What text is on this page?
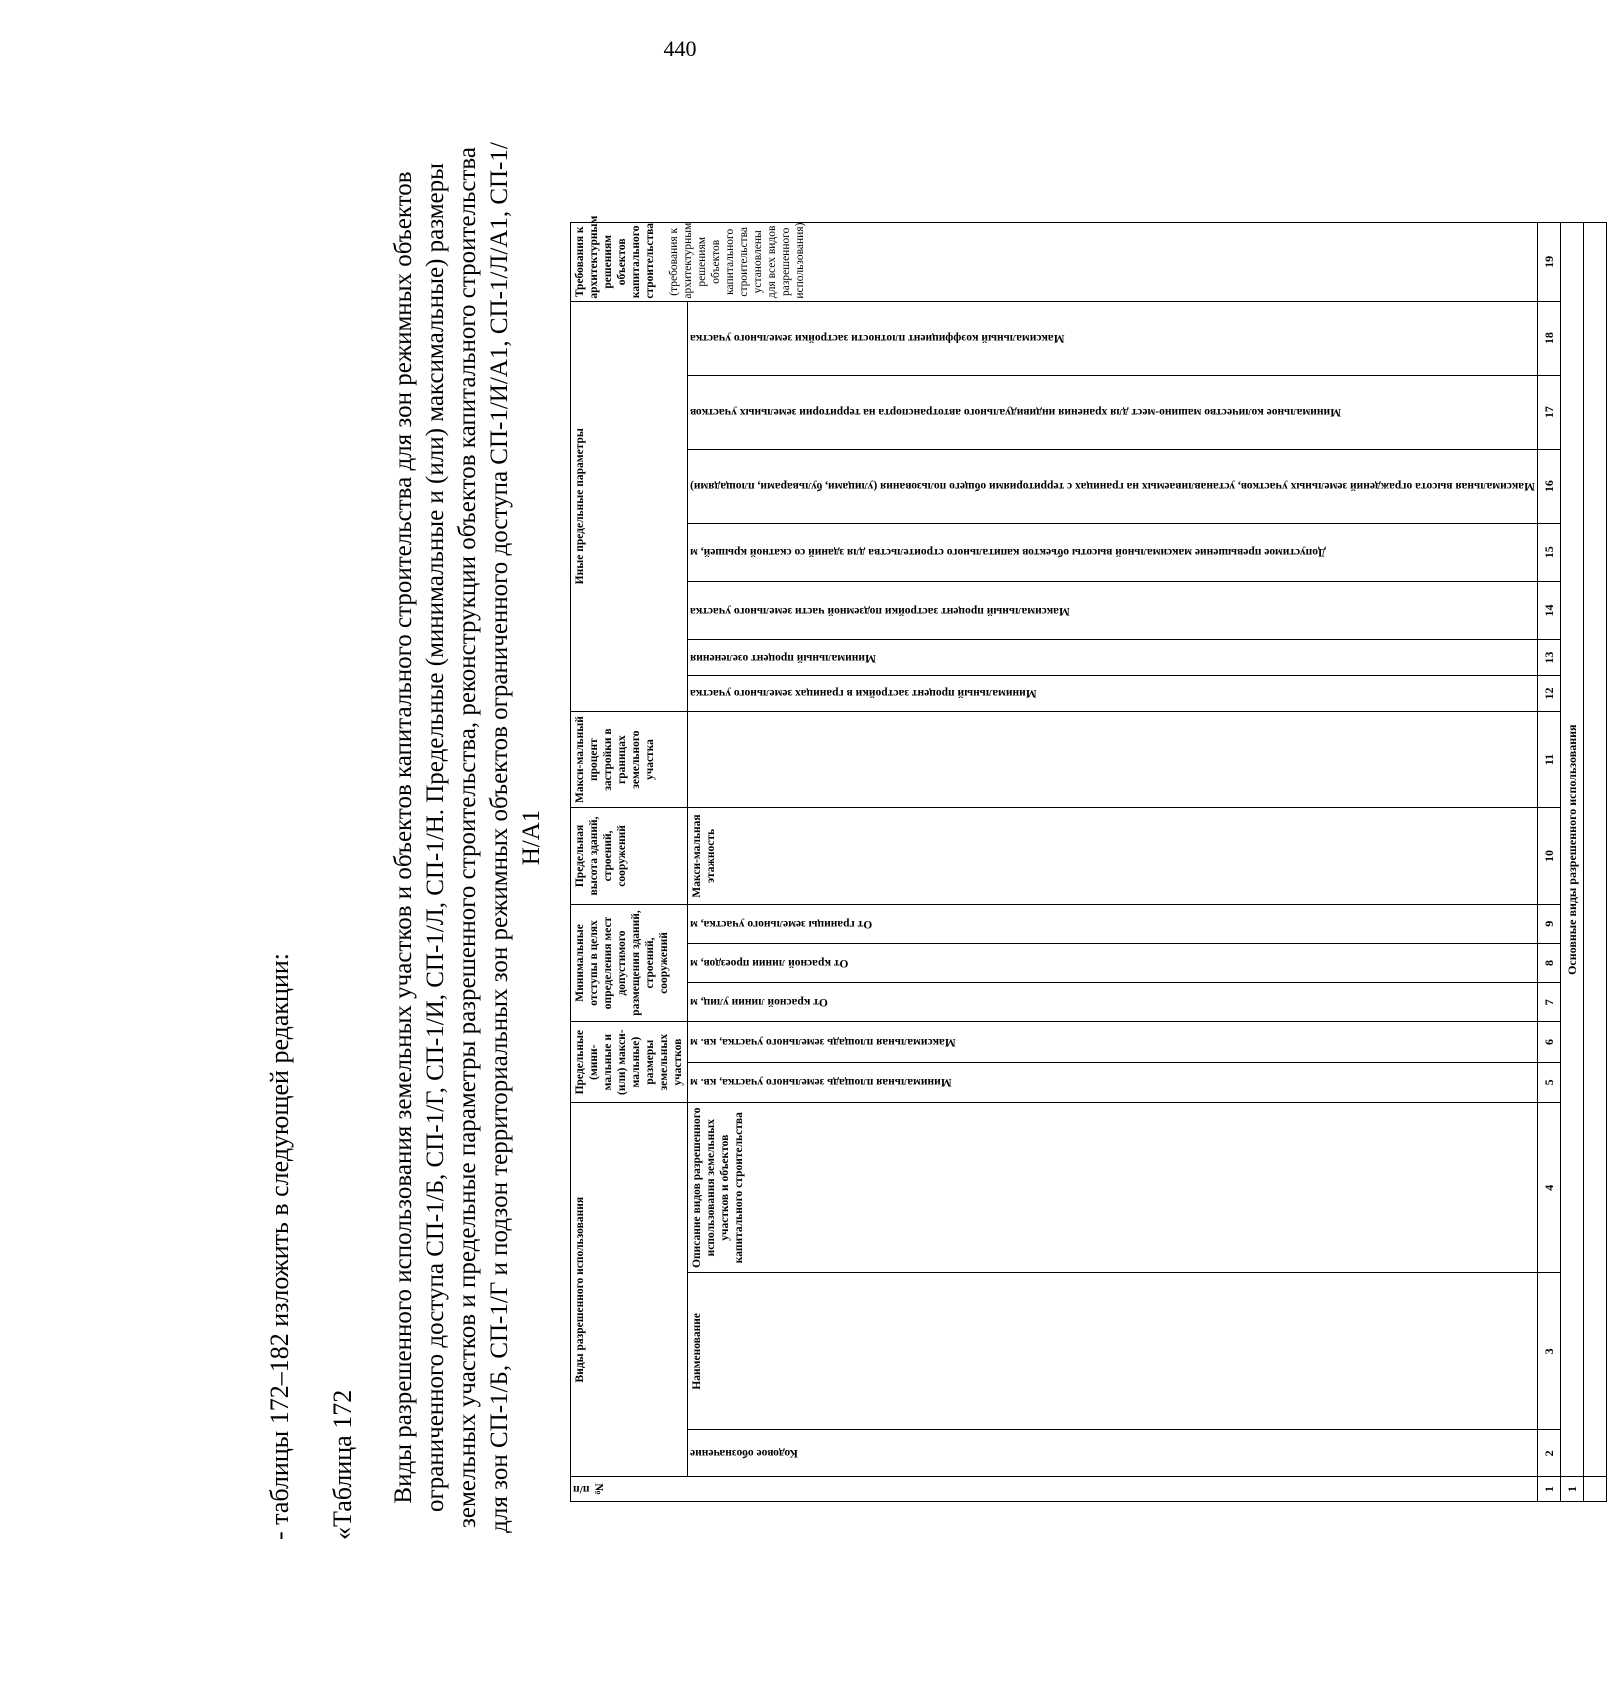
440
- таблицы 172–182 изложить в следующей редакции: «Таблица 172 Виды разрешенного использования земельных участков и объектов капитального строительства для зон режимных объектов ограниченного доступа СП-1/Б, СП-1/Г, СП-1/И, СП-1/Л, СП-1/Н. Предельные (минимальные и (или) максимальные) размеры земельных участков и предельные параметры разрешенного строительства, реконструкции объектов капитального строительства для зон СП-1/Б, СП-1/Г и подзон территориальных зон режимных объектов ограниченного доступа СП-1/И/А1, СП-1/Л/А1, СП-1/Н/А1
№ п/п	Виды разрешенного использования			Предельные (мини-мальные и (или) макси-мальные) размеры земельных участков		Минимальные отступы в целях определения мест допустимого размещения зданий, строений, сооружений			Предельная высота зданий, строений, сооружений	Макси-мальный процент застройки в границах земельного участка	Иные предельные параметры							Требования к архитектурным решениям объектов капитального строительства (требования к архитектурным решениям объектов капитального строительства установлены для всех видов разрешенного использования)

	Кодовое обозначение	Наименование	Описание видов разрешенного использования земельных участков и объектов капитального строительства	Минимальная площадь земельного участка, кв. м	Максимальная площадь земельного участка, кв. м	От красной линии улиц, м	От красной линии проездов, м	От границы земельного участка, м	Макси-мальная этажность		Минимальный процент застройки в границах земельного участка	Минимальный процент озеленения	Максимальный процент застройки подземной части земельного участка	Допустимое превышение максимальной высоты объектов капитального строительства для зданий со скатной крышей, м	Максимальная высота ограждений земельных участков, устанавливаемых на границах с территориями общего пользования (улицами, бульварами, площадями)	Минимальное количество машино-мест для хранения индивидуального автотранспорта на территории земельных участков	Максимальный коэффициент плотности застройки земельного участка	

1	2	3	4	5	6	7	8	9	10	11	12	13	14	15	16	17	18	19
1	Основные виды разрешенного использования																	
